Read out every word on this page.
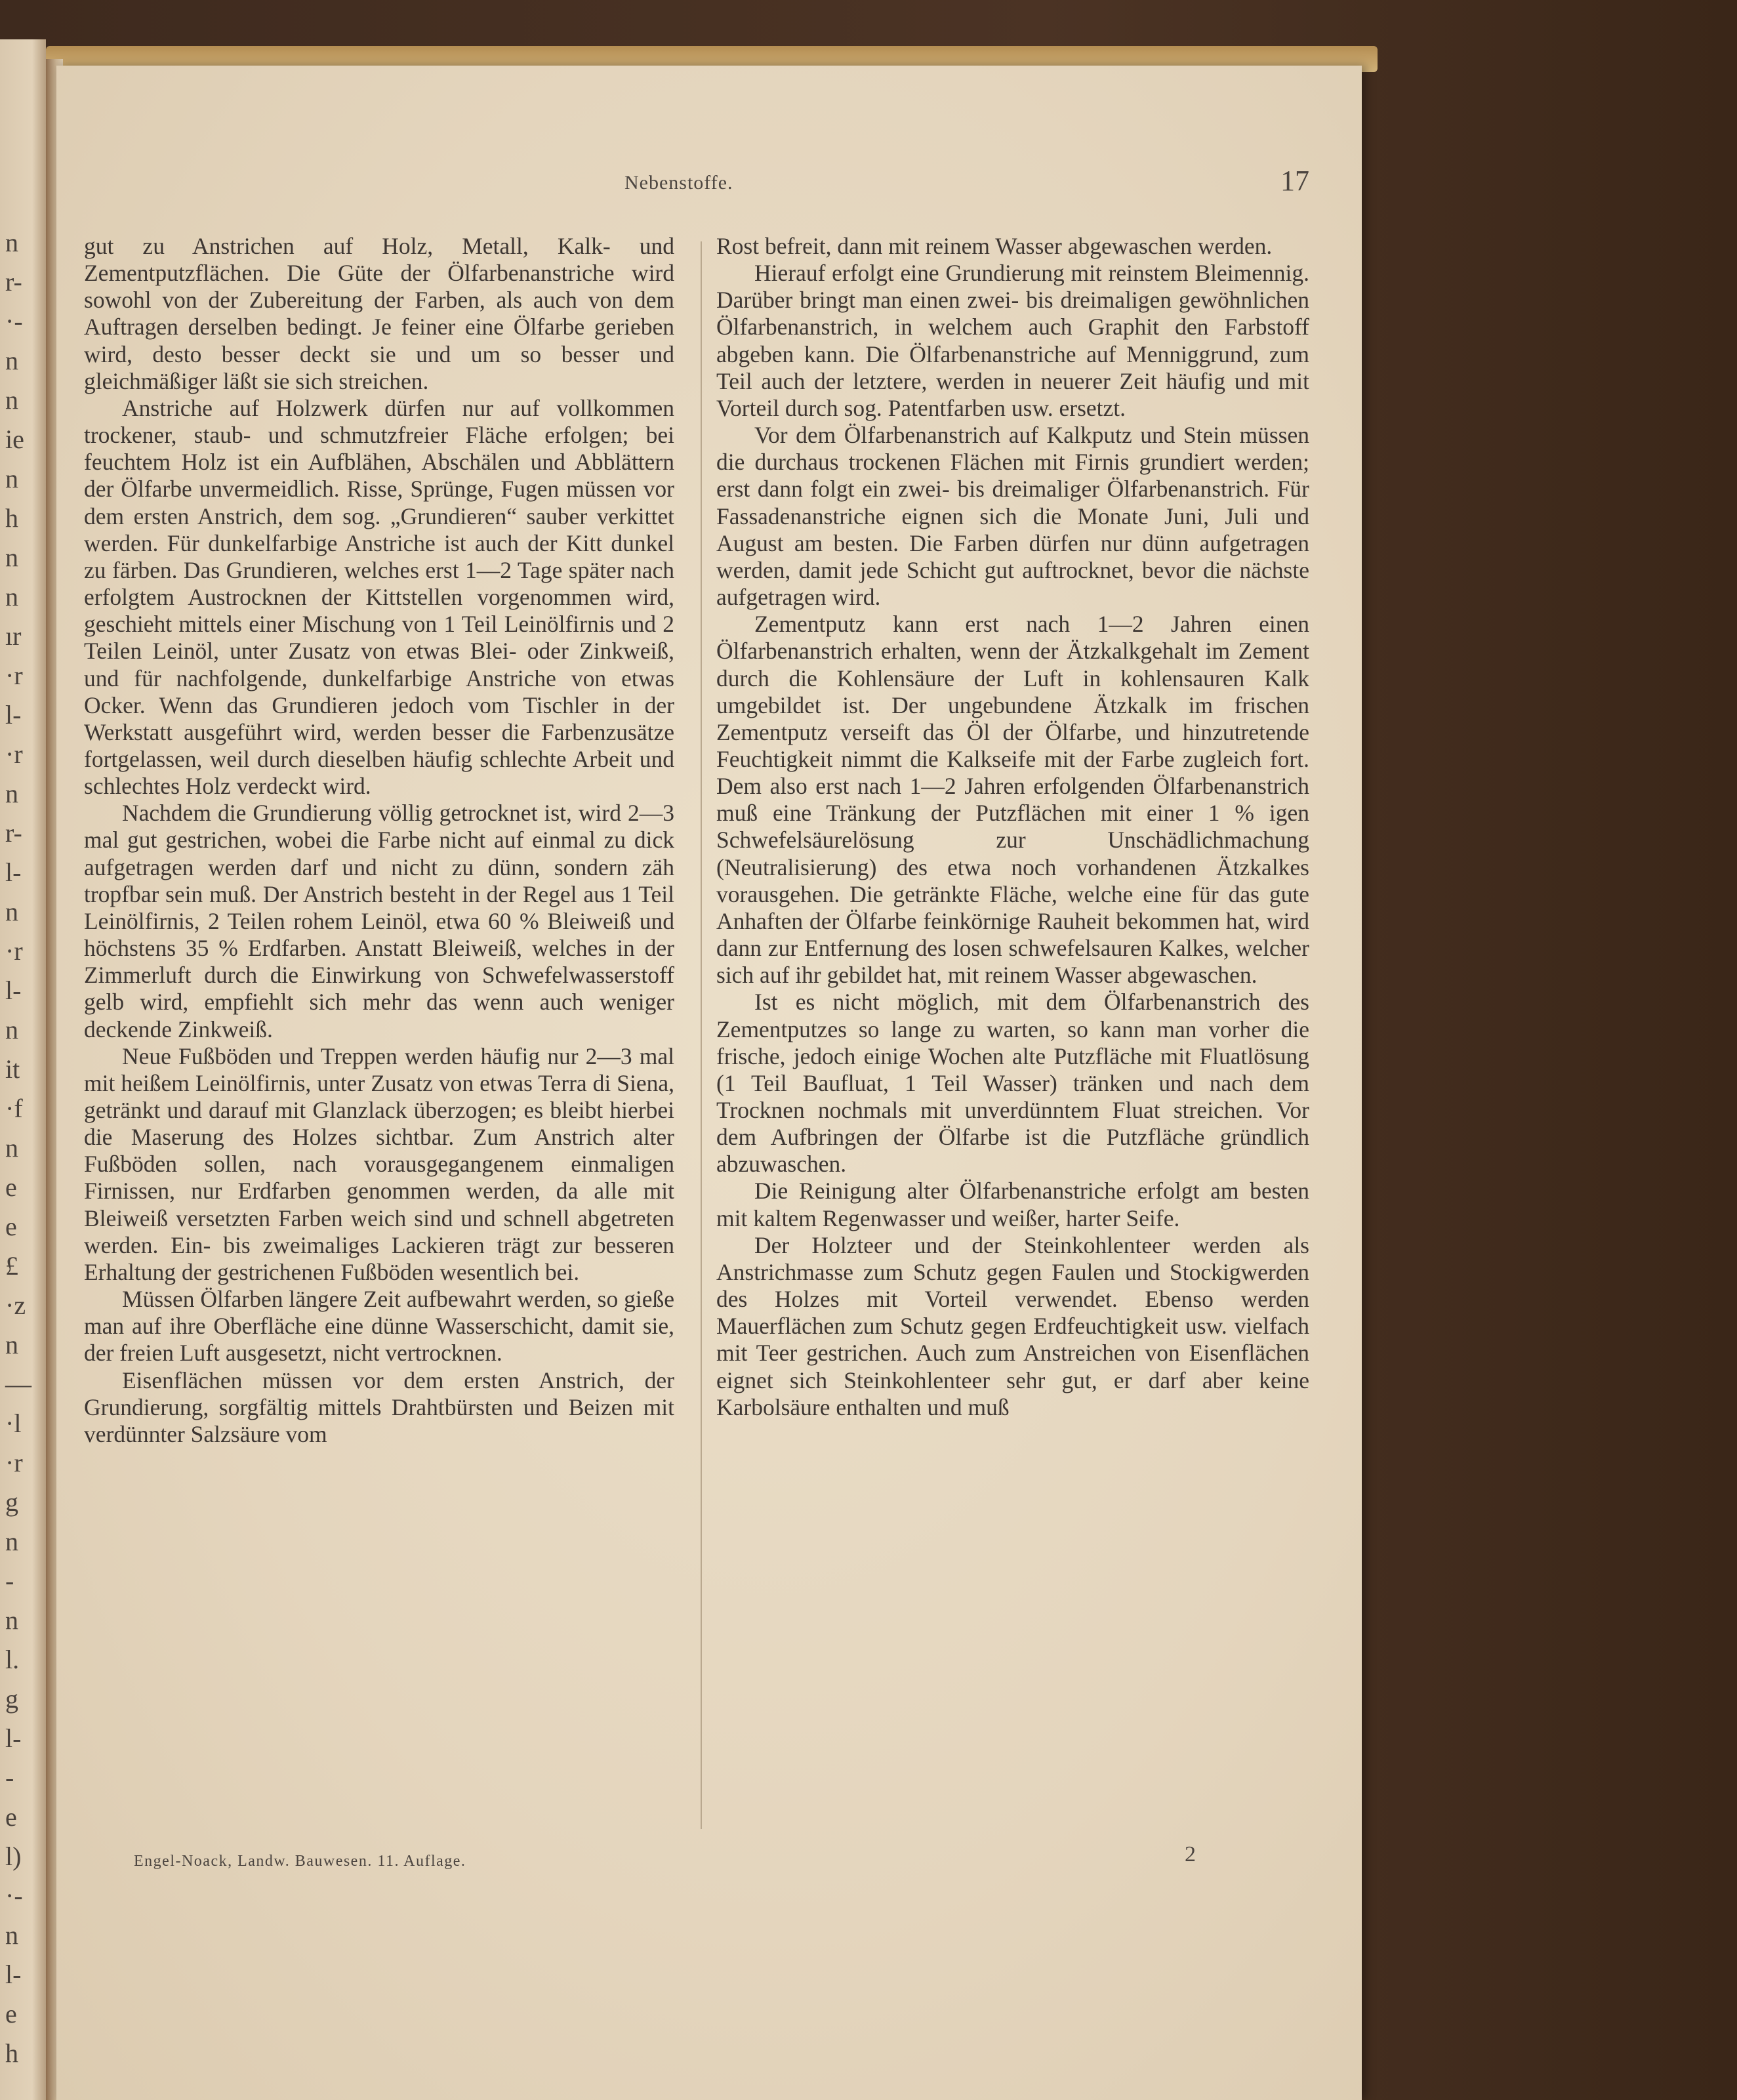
n
r-
·-
n
n
ie
n
h
n
n
ır
·r
l-
·r
n
r-
l-
n
·r
l-
n
it
·f
n
e
e
£
·z
n
—
·l
·r
g
n
-
n
l.
g
l-
-
e
l)
·-
n
l-
e
h
Nebenstoffe.	17

gut zu Anstrichen auf Holz, Metall, Kalk- und Zementputzflächen. Die Güte der Ölfarbenanstriche wird sowohl von der Zubereitung der Farben, als auch von dem Auftragen derselben bedingt. Je feiner eine Ölfarbe gerieben wird, desto besser deckt sie und um so besser und gleichmäßiger läßt sie sich streichen.

Anstriche auf Holzwerk dürfen nur auf vollkommen trockener, staub- und schmutzfreier Fläche erfolgen; bei feuchtem Holz ist ein Aufblähen, Abschälen und Abblättern der Ölfarbe unvermeidlich. Risse, Sprünge, Fugen müssen vor dem ersten Anstrich, dem sog. „Grundieren“ sauber verkittet werden. Für dunkelfarbige Anstriche ist auch der Kitt dunkel zu färben. Das Grundieren, welches erst 1—2 Tage später nach erfolgtem Austrocknen der Kittstellen vorgenommen wird, geschieht mittels einer Mischung von 1 Teil Leinölfirnis und 2 Teilen Leinöl, unter Zusatz von etwas Blei- oder Zinkweiß, und für nachfolgende, dunkelfarbige Anstriche von etwas Ocker. Wenn das Grundieren jedoch vom Tischler in der Werkstatt ausgeführt wird, werden besser die Farbenzusätze fortgelassen, weil durch dieselben häufig schlechte Arbeit und schlechtes Holz verdeckt wird.

Nachdem die Grundierung völlig getrocknet ist, wird 2—3 mal gut gestrichen, wobei die Farbe nicht auf einmal zu dick aufgetragen werden darf und nicht zu dünn, sondern zäh tropfbar sein muß. Der Anstrich besteht in der Regel aus 1 Teil Leinölfirnis, 2 Teilen rohem Leinöl, etwa 60 % Bleiweiß und höchstens 35 % Erdfarben. Anstatt Bleiweiß, welches in der Zimmerluft durch die Einwirkung von Schwefelwasserstoff gelb wird, empfiehlt sich mehr das wenn auch weniger deckende Zinkweiß.

Neue Fußböden und Treppen werden häufig nur 2—3 mal mit heißem Leinölfirnis, unter Zusatz von etwas Terra di Siena, getränkt und darauf mit Glanzlack überzogen; es bleibt hierbei die Maserung des Holzes sichtbar. Zum Anstrich alter Fußböden sollen, nach vorausgegangenem einmaligen Firnissen, nur Erdfarben genommen werden, da alle mit Bleiweiß versetzten Farben weich sind und schnell abgetreten werden. Ein- bis zweimaliges Lackieren trägt zur besseren Erhaltung der gestrichenen Fußböden wesentlich bei.

Müssen Ölfarben längere Zeit aufbewahrt werden, so gieße man auf ihre Oberfläche eine dünne Wasserschicht, damit sie, der freien Luft ausgesetzt, nicht vertrocknen.

Eisenflächen müssen vor dem ersten Anstrich, der Grundierung, sorgfältig mittels Drahtbürsten und Beizen mit verdünnter Salzsäure vom

Rost befreit, dann mit reinem Wasser abgewaschen werden.

Hierauf erfolgt eine Grundierung mit reinstem Bleimennig. Darüber bringt man einen zwei- bis dreimaligen gewöhnlichen Ölfarbenanstrich, in welchem auch Graphit den Farbstoff abgeben kann. Die Ölfarbenanstriche auf Menniggrund, zum Teil auch der letztere, werden in neuerer Zeit häufig und mit Vorteil durch sog. Patentfarben usw. ersetzt.

Vor dem Ölfarbenanstrich auf Kalkputz und Stein müssen die durchaus trockenen Flächen mit Firnis grundiert werden; erst dann folgt ein zwei- bis dreimaliger Ölfarbenanstrich. Für Fassadenanstriche eignen sich die Monate Juni, Juli und August am besten. Die Farben dürfen nur dünn aufgetragen werden, damit jede Schicht gut auftrocknet, bevor die nächste aufgetragen wird.

Zementputz kann erst nach 1—2 Jahren einen Ölfarbenanstrich erhalten, wenn der Ätzkalkgehalt im Zement durch die Kohlensäure der Luft in kohlensauren Kalk umgebildet ist. Der ungebundene Ätzkalk im frischen Zementputz verseift das Öl der Ölfarbe, und hinzutretende Feuchtigkeit nimmt die Kalkseife mit der Farbe zugleich fort. Dem also erst nach 1—2 Jahren erfolgenden Ölfarbenanstrich muß eine Tränkung der Putzflächen mit einer 1 % igen Schwefelsäurelösung zur Unschädlichmachung (Neutralisierung) des etwa noch vorhandenen Ätzkalkes vorausgehen. Die getränkte Fläche, welche eine für das gute Anhaften der Ölfarbe feinkörnige Rauheit bekommen hat, wird dann zur Entfernung des losen schwefelsauren Kalkes, welcher sich auf ihr gebildet hat, mit reinem Wasser abgewaschen.

Ist es nicht möglich, mit dem Ölfarbenanstrich des Zementputzes so lange zu warten, so kann man vorher die frische, jedoch einige Wochen alte Putzfläche mit Fluatlösung (1 Teil Baufluat, 1 Teil Wasser) tränken und nach dem Trocknen nochmals mit unverdünntem Fluat streichen. Vor dem Aufbringen der Ölfarbe ist die Putzfläche gründlich abzuwaschen.

Die Reinigung alter Ölfarbenanstriche erfolgt am besten mit kaltem Regenwasser und weißer, harter Seife.

Der Holzteer und der Steinkohlenteer werden als Anstrichmasse zum Schutz gegen Faulen und Stockigwerden des Holzes mit Vorteil verwendet. Ebenso werden Mauerflächen zum Schutz gegen Erdfeuchtigkeit usw. vielfach mit Teer gestrichen. Auch zum Anstreichen von Eisenflächen eignet sich Steinkohlenteer sehr gut, er darf aber keine Karbolsäure enthalten und muß

Engel-Noack, Landw. Bauwesen. 11. Auflage.	2
